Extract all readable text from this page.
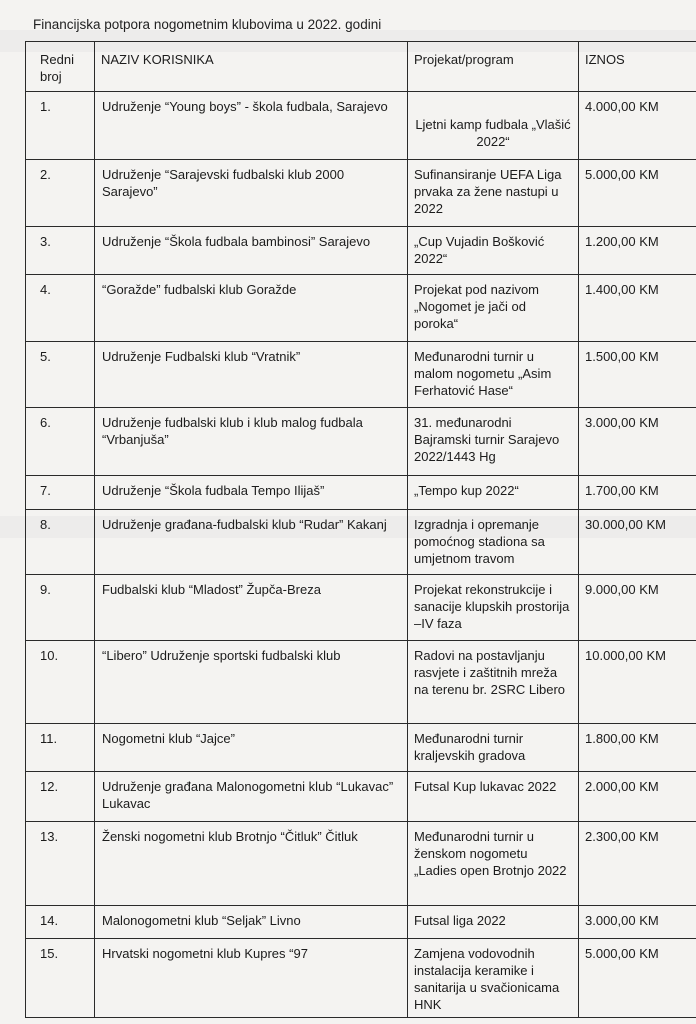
Financijska potpora nogometnim klubovima u 2022. godini
Redni broj	NAZIV KORISNIKA	Projekat/program	IZNOS
1.	Udruženje “Young boys” - škola fudbala, Sarajevo	Ljetni kamp fudbala „Vlašić 2022“	4.000,00 KM
2.	Udruženje “Sarajevski fudbalski klub 2000 Sarajevo”	Sufinansiranje UEFA Liga prvaka za žene nastupi u 2022	5.000,00 KM
3.	Udruženje “Škola fudbala bambinosi” Sarajevo	„Cup Vujadin Bošković 2022“	1.200,00 KM
4.	“Goražde” fudbalski klub Goražde	Projekat pod nazivom „Nogomet je jači od poroka“	1.400,00 KM
5.	Udruženje Fudbalski klub “Vratnik”	Međunarodni turnir u malom nogometu „Asim Ferhatović Hase“	1.500,00 KM
6.	Udruženje fudbalski klub i klub malog fudbala “Vrbanjuša”	31. međunarodni Bajramski turnir Sarajevo 2022/1443 Hg	3.000,00 KM
7.	Udruženje “Škola fudbala Tempo Ilijaš”	„Tempo kup 2022“	1.700,00 KM
8.	Udruženje građana-fudbalski klub “Rudar” Kakanj	Izgradnja i opremanje pomoćnog stadiona sa umjetnom travom	30.000,00 KM
9.	Fudbalski klub “Mladost” Župča-Breza	Projekat rekonstrukcije i sanacije klupskih prostorija –IV faza	9.000,00 KM
10.	“Libero” Udruženje sportski fudbalski klub	Radovi na postavljanju rasvjete i zaštitnih mreža na terenu br. 2SRC Libero	10.000,00 KM
11.	Nogometni klub “Jajce”	Međunarodni turnir kraljevskih gradova	1.800,00 KM
12.	Udruženje građana Malonogometni klub “Lukavac” Lukavac	Futsal Kup lukavac 2022	2.000,00 KM
13.	Ženski nogometni klub Brotnjo “Čitluk” Čitluk	Međunarodni turnir u ženskom nogometu „Ladies open Brotnjo 2022	2.300,00 KM
14.	Malonogometni klub “Seljak” Livno	Futsal liga 2022	3.000,00 KM
15.	Hrvatski nogometni klub Kupres “97	Zamjena vodovodnih instalacija keramike i sanitarija u svačionicama HNK	5.000,00 KM
